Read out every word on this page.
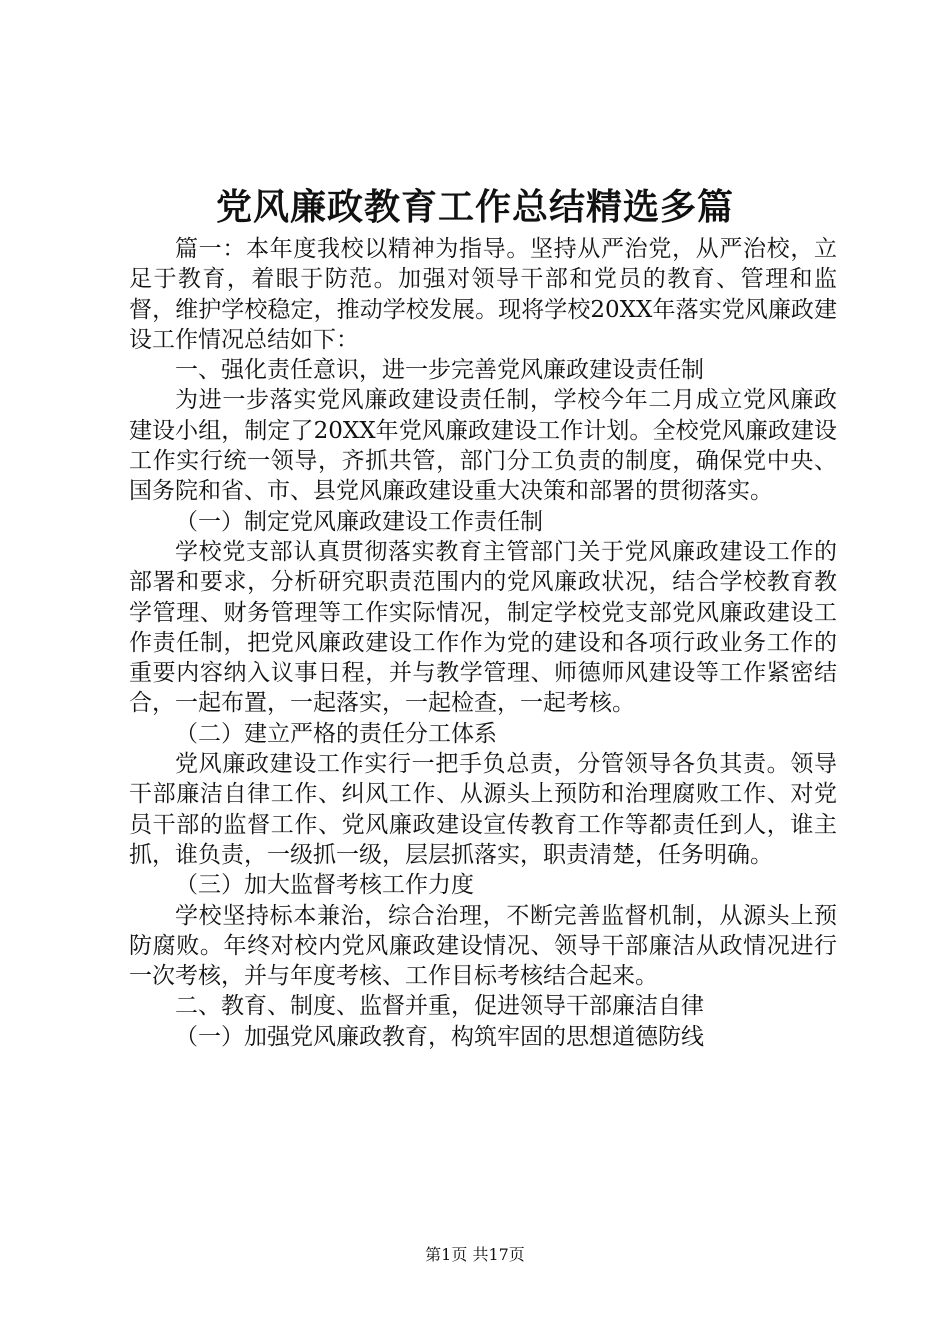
党风廉政教育工作总结精选多篇

篇一：本年度我校以精神为指导。坚持从严治党，从严治校，立足于教育，着眼于防范。加强对领导干部和党员的教育、管理和监督，维护学校稳定，推动学校发展。现将学校20XX年落实党风廉政建设工作情况总结如下：

一、强化责任意识，进一步完善党风廉政建设责任制

为进一步落实党风廉政建设责任制，学校今年二月成立党风廉政建设小组，制定了20XX年党风廉政建设工作计划。全校党风廉政建设工作实行统一领导，齐抓共管，部门分工负责的制度，确保党中央、国务院和省、市、县党风廉政建设重大决策和部署的贯彻落实。

（一）制定党风廉政建设工作责任制

学校党支部认真贯彻落实教育主管部门关于党风廉政建设工作的部署和要求，分析研究职责范围内的党风廉政状况，结合学校教育教学管理、财务管理等工作实际情况，制定学校党支部党风廉政建设工作责任制，把党风廉政建设工作作为党的建设和各项行政业务工作的重要内容纳入议事日程，并与教学管理、师德师风建设等工作紧密结合，一起布置，一起落实，一起检查，一起考核。

（二）建立严格的责任分工体系

党风廉政建设工作实行一把手负总责，分管领导各负其责。领导干部廉洁自律工作、纠风工作、从源头上预防和治理腐败工作、对党员干部的监督工作、党风廉政建设宣传教育工作等都责任到人，谁主抓，谁负责，一级抓一级，层层抓落实，职责清楚，任务明确。

（三）加大监督考核工作力度

学校坚持标本兼治，综合治理，不断完善监督机制，从源头上预防腐败。年终对校内党风廉政建设情况、领导干部廉洁从政情况进行一次考核，并与年度考核、工作目标考核结合起来。

二、教育、制度、监督并重，促进领导干部廉洁自律

（一）加强党风廉政教育，构筑牢固的思想道德防线

第1页 共17页
